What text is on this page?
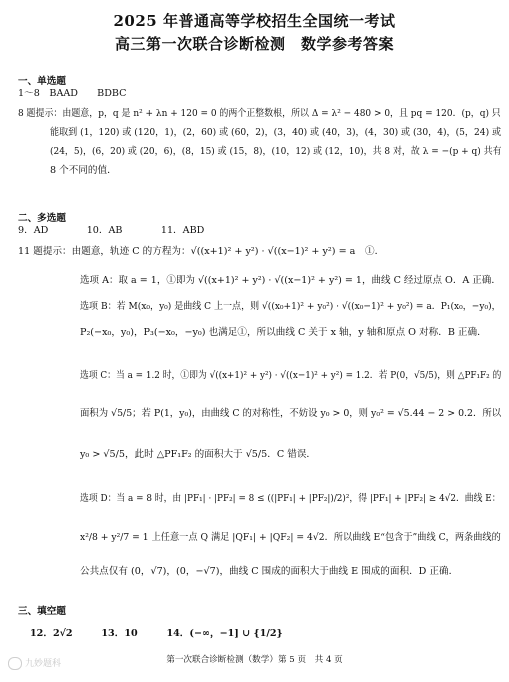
2025 年普通高等学校招生全国统一考试
高三第一次联合诊断检测　数学参考答案
一、单选题
1～8　BAAD　　BDBC
8 题提示：由题意，p，q 是 n² + λn + 120 = 0 的两个正整数根，所以 Δ = λ² − 480 > 0，且 pq = 120．(p，q) 只
能取到 (1，120) 或 (120，1)，(2，60) 或 (60，2)，(3，40) 或 (40，3)，(4，30) 或 (30，4)，(5，24) 或
(24，5)，(6，20) 或 (20，6)，(8，15) 或 (15，8)，(10，12) 或 (12，10)，共 8 对，故 λ = −(p + q) 共有
8 个不同的值．
二、多选题
9．AD　　　　10．AB　　　　11．ABD
11 题提示：由题意，轨迹 C 的方程为：√((x+1)² + y²) · √((x−1)² + y²) = a　①．
选项 A：取 a = 1，①即为 √((x+1)² + y²) · √((x−1)² + y²) = 1，曲线 C 经过原点 O．A 正确．
选项 B：若 M(x₀，y₀) 是曲线 C 上一点，则 √((x₀+1)² + y₀²) · √((x₀−1)² + y₀²) = a．P₁(x₀，−y₀)，
P₂(−x₀，y₀)，P₃(−x₀，−y₀) 也满足①，所以曲线 C 关于 x 轴，y 轴和原点 O 对称．B 正确．
选项 C：当 a = 1.2 时，①即为 √((x+1)² + y²) · √((x−1)² + y²) = 1.2．若 P(0，√5/5)，则 △PF₁F₂ 的
面积为 √5/5；若 P(1，y₀)，由曲线 C 的对称性，不妨设 y₀ > 0，则 y₀² = √5.44 − 2 > 0.2．所以
y₀ > √5/5，此时 △PF₁F₂ 的面积大于 √5/5．C 错误．
选项 D：当 a = 8 时，由 |PF₁| · |PF₂| = 8 ≤ ((|PF₁| + |PF₂|)/2)²，得 |PF₁| + |PF₂| ≥ 4√2．曲线 E：
x²/8 + y²/7 = 1 上任意一点 Q 满足 |QF₁| + |QF₂| = 4√2．所以曲线 E“包含于”曲线 C，两条曲线的
公共点仅有 (0，√7)，(0，−√7)，曲线 C 围成的面积大于曲线 E 围成的面积．D 正确．
三、填空题
12．2√2　　　13．10　　　14．(−∞，−1] ∪ {1/2}
第一次联合诊断检测（数学）第 5 页　共 4 页
九妙题科
